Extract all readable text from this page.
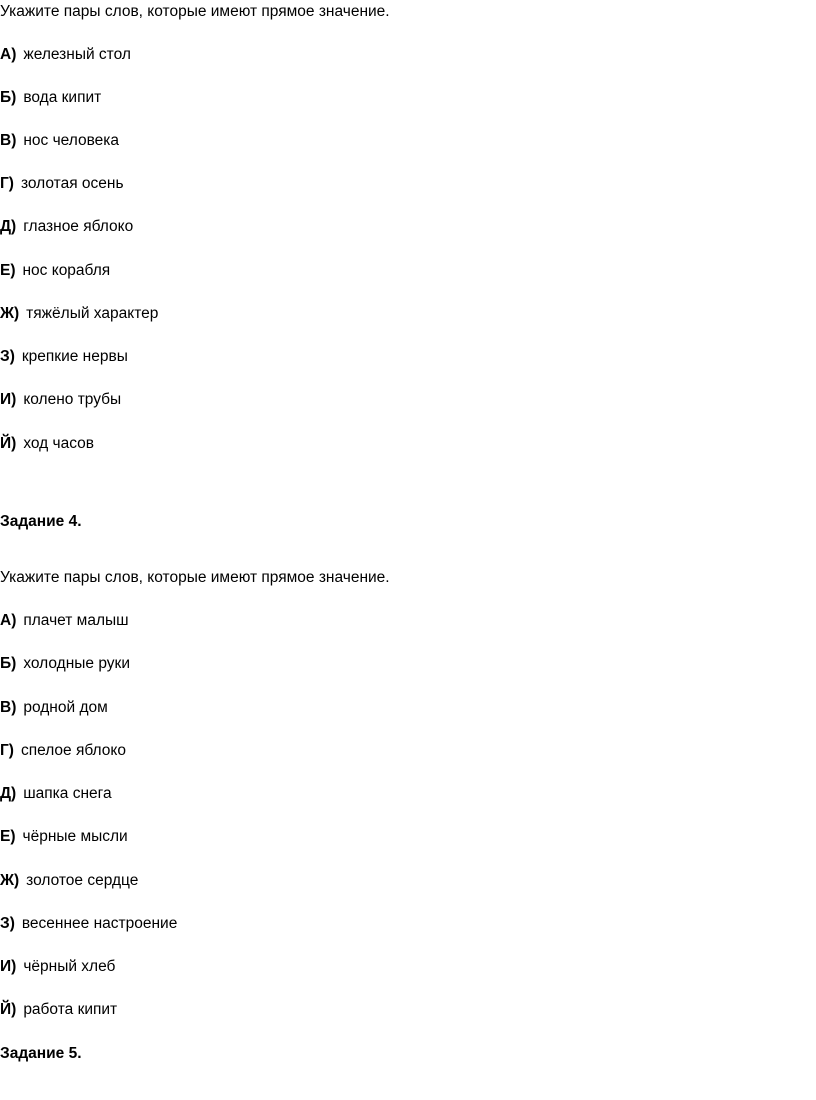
Укажите пары слов, которые имеют прямое значение.
А) железный стол
Б) вода кипит
В) нос человека
Г) золотая осень
Д) глазное яблоко
Е) нос корабля
Ж) тяжёлый характер
З) крепкие нервы
И) колено трубы
Й) ход часов
Задание 4.
Укажите пары слов, которые имеют прямое значение.
А) плачет малыш
Б) холодные руки
В) родной дом
Г) спелое яблоко
Д) шапка снега
Е) чёрные мысли
Ж) золотое сердце
З) весеннее настроение
И) чёрный хлеб
Й) работа кипит
Задание 5.
